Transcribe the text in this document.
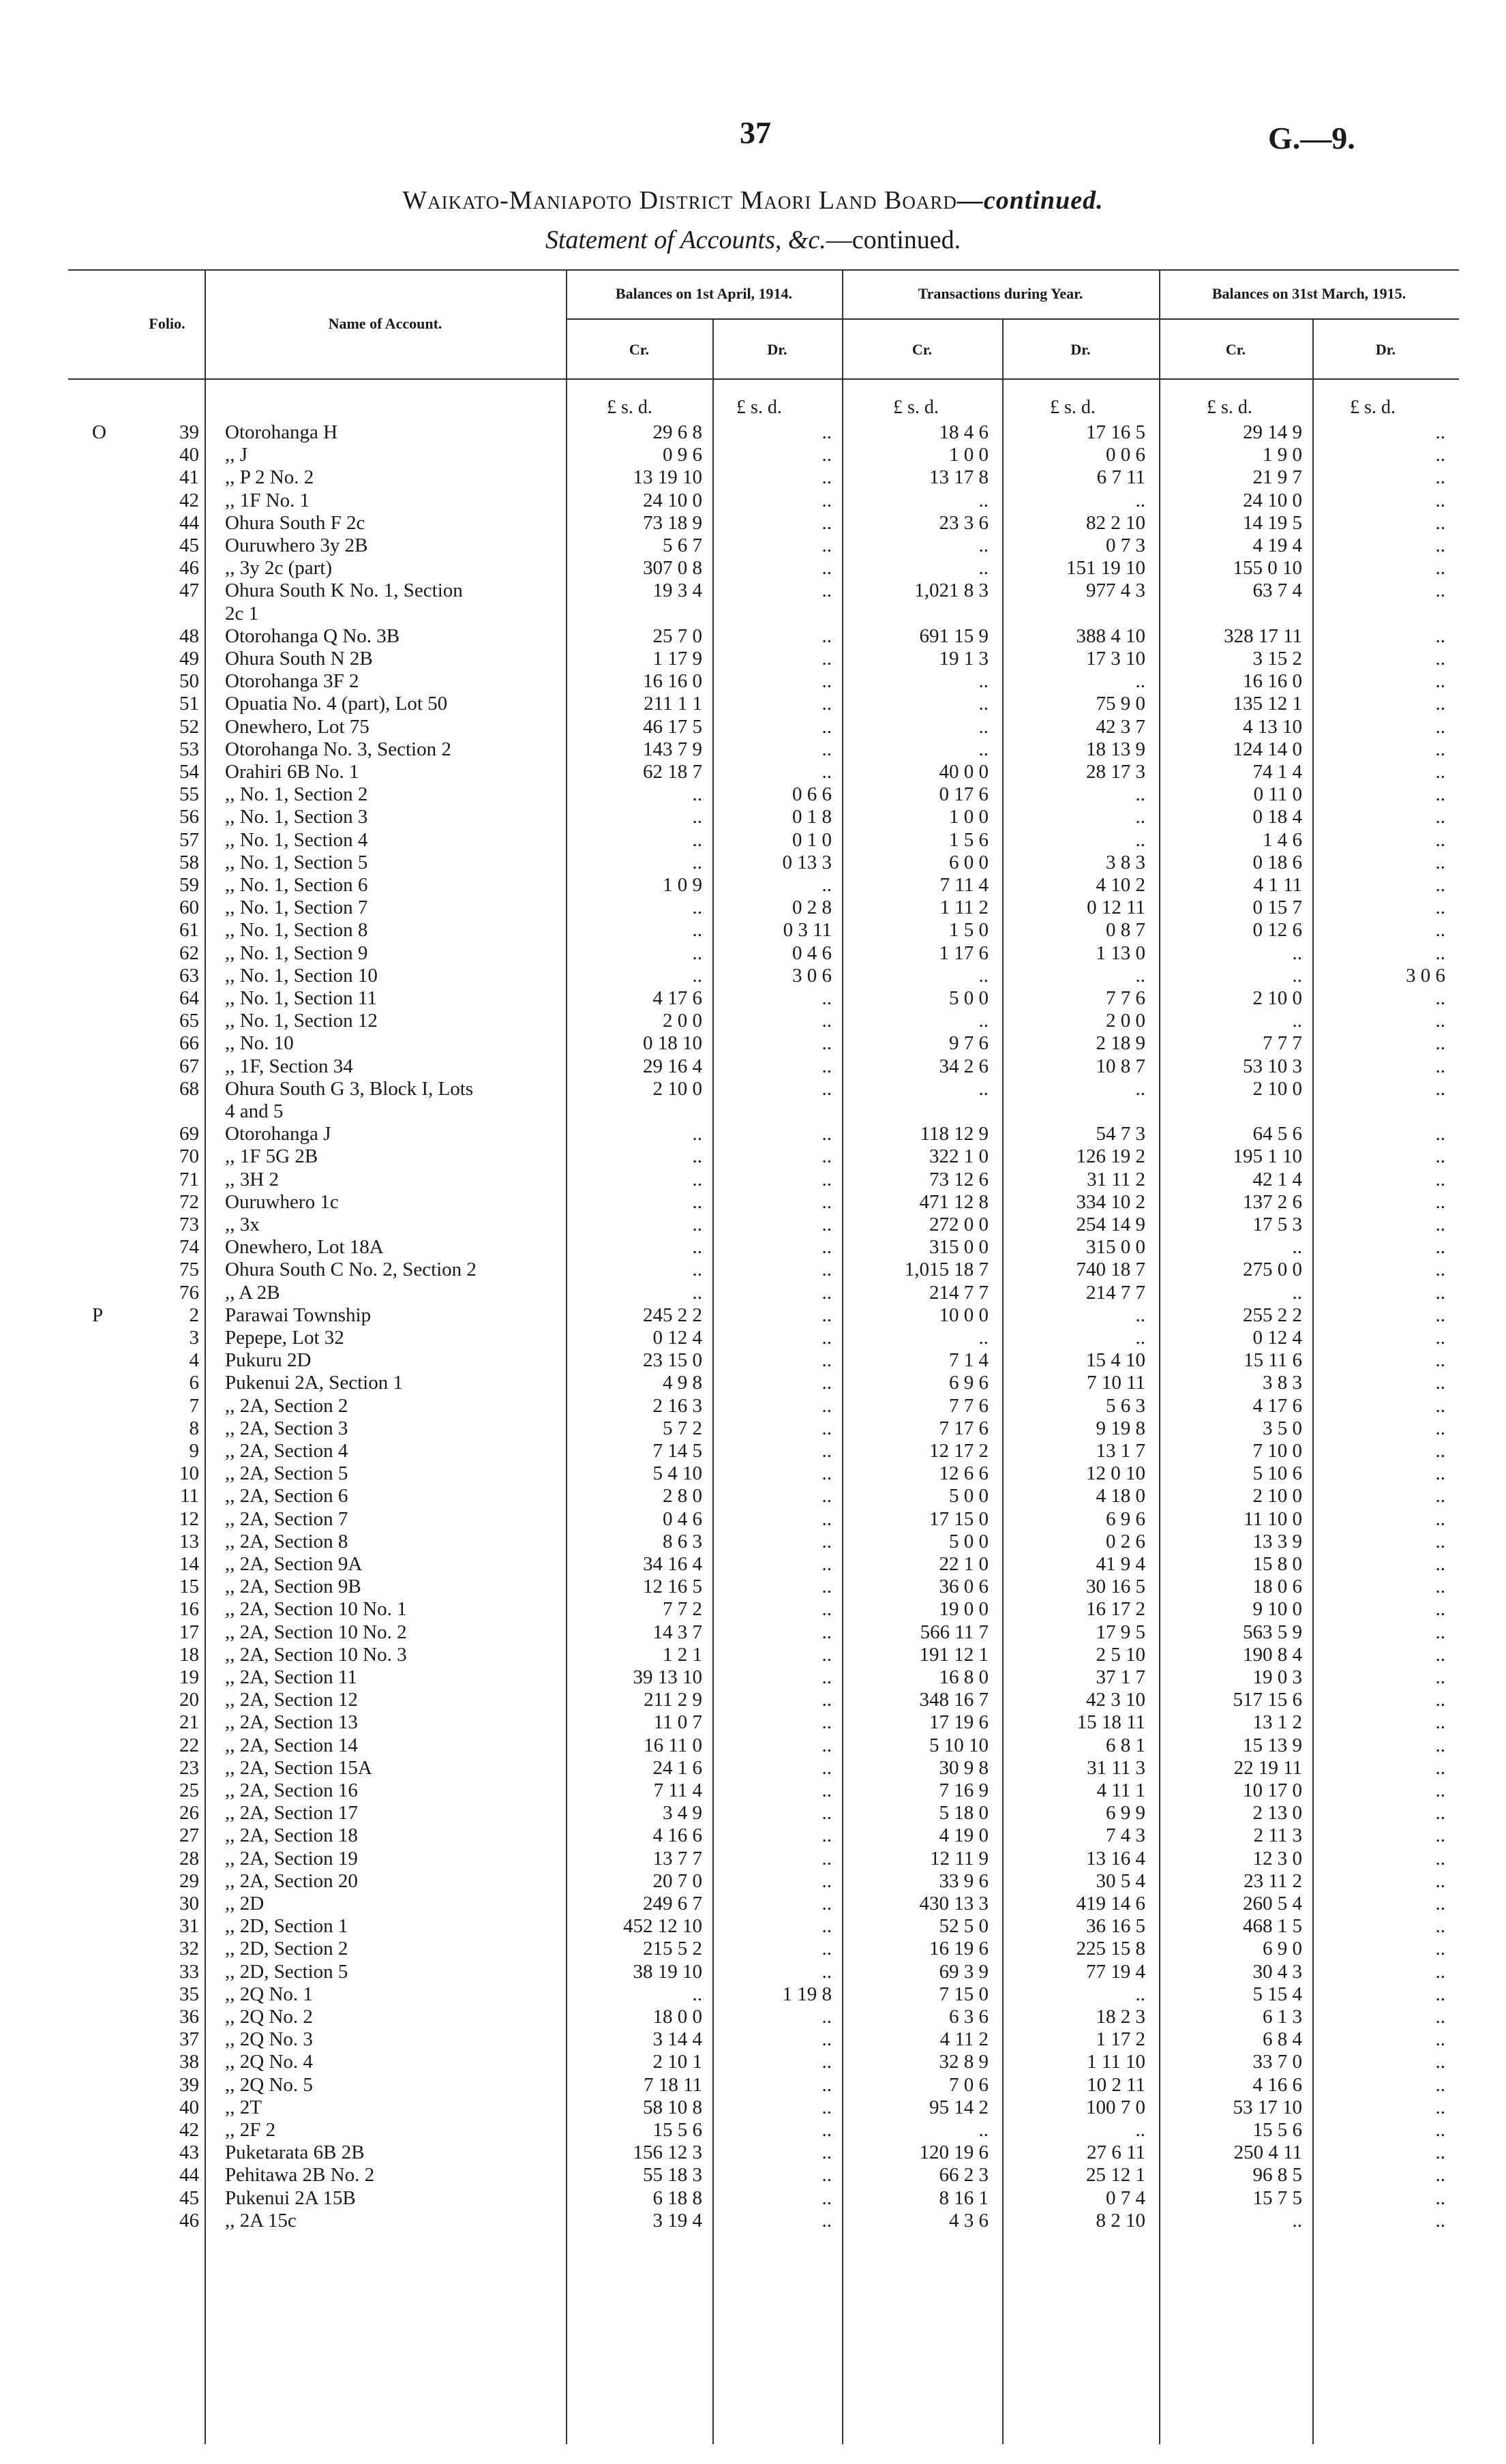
37	G.—9.
Waikato-Maniapoto District Maori Land Board—continued.
Statement of Accounts, &c.—continued.
Folio.	Name of Account.
Balances on 1st April, 1914.	Transactions during Year.	Balances on 31st March, 1915.
Cr.	Dr.	Cr.	Dr.	Cr.	Dr.
£ s. d.	£ s. d.	£ s. d.	£ s. d.	£ s. d.	£ s. d.
O	39 Otorohanga H	29 6 8	..	18 4 6	17 16 5	29 14 9	..
40 ,, J	0 9 6	..	1 0 0	0 0 6	1 9 0	..
41 ,, P 2 No. 2	13 19 10	..	13 17 8	6 7 11	21 9 7	..
42 ,, 1F No. 1	24 10 0	..	..	..	24 10 0	..
44 Ohura South F 2c	73 18 9	..	23 3 6	82 2 10	14 19 5	..
45 Ouruwhero 3y 2B	5 6 7	..	..	0 7 3	4 19 4	..
46 ,, 3y 2c (part)	307 0 8	..	..	151 19 10	155 0 10	..
47 Ohura South K No. 1, Section	19 3 4	..	1,021 8 3	977 4 3	63 7 4	..
2c 1
48 Otorohanga Q No. 3B	25 7 0	..	691 15 9	388 4 10	328 17 11	..
49 Ohura South N 2B	1 17 9	..	19 1 3	17 3 10	3 15 2	..
50 Otorohanga 3F 2	16 16 0	..	..	..	16 16 0	..
51 Opuatia No. 4 (part), Lot 50	211 1 1	..	..	75 9 0	135 12 1	..
52 Onewhero, Lot 75	46 17 5	..	..	42 3 7	4 13 10	..
53 Otorohanga No. 3, Section 2	143 7 9	..	..	18 13 9	124 14 0	..
54 Orahiri 6B No. 1	62 18 7	..	40 0 0	28 17 3	74 1 4	..
55 ,, No. 1, Section 2	..	0 6 6	0 17 6	..	0 11 0	..
56 ,, No. 1, Section 3	..	0 1 8	1 0 0	..	0 18 4	..
57 ,, No. 1, Section 4	..	0 1 0	1 5 6	..	1 4 6	..
58 ,, No. 1, Section 5	..	0 13 3	6 0 0	3 8 3	0 18 6	..
59 ,, No. 1, Section 6	1 0 9	..	7 11 4	4 10 2	4 1 11	..
60 ,, No. 1, Section 7	..	0 2 8	1 11 2	0 12 11	0 15 7	..
61 ,, No. 1, Section 8	..	0 3 11	1 5 0	0 8 7	0 12 6	..
62 ,, No. 1, Section 9	..	0 4 6	1 17 6	1 13 0	..	..
63 ,, No. 1, Section 10	..	3 0 6	..	..	..	3 0 6
64 ,, No. 1, Section 11	4 17 6	..	5 0 0	7 7 6	2 10 0	..
65 ,, No. 1, Section 12	2 0 0	..	..	2 0 0	..	..
66 ,, No. 10	0 18 10	..	9 7 6	2 18 9	7 7 7	..
67 ,, 1F, Section 34	29 16 4	..	34 2 6	10 8 7	53 10 3	..
68 Ohura South G 3, Block I, Lots	2 10 0	..	..	..	2 10 0	..
4 and 5
69 Otorohanga J	..	..	118 12 9	54 7 3	64 5 6	..
70 ,, 1F 5G 2B	..	..	322 1 0	126 19 2	195 1 10	..
71 ,, 3H 2	..	..	73 12 6	31 11 2	42 1 4	..
72 Ouruwhero 1c	..	..	471 12 8	334 10 2	137 2 6	..
73 ,, 3x	..	..	272 0 0	254 14 9	17 5 3	..
74 Onewhero, Lot 18A	..	..	315 0 0	315 0 0	..	..
75 Ohura South C No. 2, Section 2	..	..	1,015 18 7	740 18 7	275 0 0	..
76 ,, A 2B	..	..	214 7 7	214 7 7	..	..
P	2 Parawai Township	245 2 2	..	10 0 0	..	255 2 2	..
3 Pepepe, Lot 32	0 12 4	..	..	..	0 12 4	..
4 Pukuru 2D	23 15 0	..	7 1 4	15 4 10	15 11 6	..
6 Pukenui 2A, Section 1	4 9 8	..	6 9 6	7 10 11	3 8 3	..
7 ,, 2A, Section 2	2 16 3	..	7 7 6	5 6 3	4 17 6	..
8 ,, 2A, Section 3	5 7 2	..	7 17 6	9 19 8	3 5 0	..
9 ,, 2A, Section 4	7 14 5	..	12 17 2	13 1 7	7 10 0	..
10 ,, 2A, Section 5	5 4 10	..	12 6 6	12 0 10	5 10 6	..
11 ,, 2A, Section 6	2 8 0	..	5 0 0	4 18 0	2 10 0	..
12 ,, 2A, Section 7	0 4 6	..	17 15 0	6 9 6	11 10 0	..
13 ,, 2A, Section 8	8 6 3	..	5 0 0	0 2 6	13 3 9	..
14 ,, 2A, Section 9A	34 16 4	..	22 1 0	41 9 4	15 8 0	..
15 ,, 2A, Section 9B	12 16 5	..	36 0 6	30 16 5	18 0 6	..
16 ,, 2A, Section 10 No. 1	7 7 2	..	19 0 0	16 17 2	9 10 0	..
17 ,, 2A, Section 10 No. 2	14 3 7	..	566 11 7	17 9 5	563 5 9	..
18 ,, 2A, Section 10 No. 3	1 2 1	..	191 12 1	2 5 10	190 8 4	..
19 ,, 2A, Section 11	39 13 10	..	16 8 0	37 1 7	19 0 3	..
20 ,, 2A, Section 12	211 2 9	..	348 16 7	42 3 10	517 15 6	..
21 ,, 2A, Section 13	11 0 7	..	17 19 6	15 18 11	13 1 2	..
22 ,, 2A, Section 14	16 11 0	..	5 10 10	6 8 1	15 13 9	..
23 ,, 2A, Section 15A	24 1 6	..	30 9 8	31 11 3	22 19 11	..
25 ,, 2A, Section 16	7 11 4	..	7 16 9	4 11 1	10 17 0	..
26 ,, 2A, Section 17	3 4 9	..	5 18 0	6 9 9	2 13 0	..
27 ,, 2A, Section 18	4 16 6	..	4 19 0	7 4 3	2 11 3	..
28 ,, 2A, Section 19	13 7 7	..	12 11 9	13 16 4	12 3 0	..
29 ,, 2A, Section 20	20 7 0	..	33 9 6	30 5 4	23 11 2	..
30 ,, 2D	249 6 7	..	430 13 3	419 14 6	260 5 4	..
31 ,, 2D, Section 1	452 12 10	..	52 5 0	36 16 5	468 1 5	..
32 ,, 2D, Section 2	215 5 2	..	16 19 6	225 15 8	6 9 0	..
33 ,, 2D, Section 5	38 19 10	..	69 3 9	77 19 4	30 4 3	..
35 ,, 2Q No. 1	..	1 19 8	7 15 0	..	5 15 4	..
36 ,, 2Q No. 2	18 0 0	..	6 3 6	18 2 3	6 1 3	..
37 ,, 2Q No. 3	3 14 4	..	4 11 2	1 17 2	6 8 4	..
38 ,, 2Q No. 4	2 10 1	..	32 8 9	1 11 10	33 7 0	..
39 ,, 2Q No. 5	7 18 11	..	7 0 6	10 2 11	4 16 6	..
40 ,, 2T	58 10 8	..	95 14 2	100 7 0	53 17 10	..
42 ,, 2F 2	15 5 6	..	..	..	15 5 6	..
43 Puketarata 6B 2B	156 12 3	..	120 19 6	27 6 11	250 4 11	..
44 Pehitawa 2B No. 2	55 18 3	..	66 2 3	25 12 1	96 8 5	..
45 Pukenui 2A 15B	6 18 8	..	8 16 1	0 7 4	15 7 5	..
46 ,, 2A 15c	3 19 4	..	4 3 6	8 2 10	..	..
